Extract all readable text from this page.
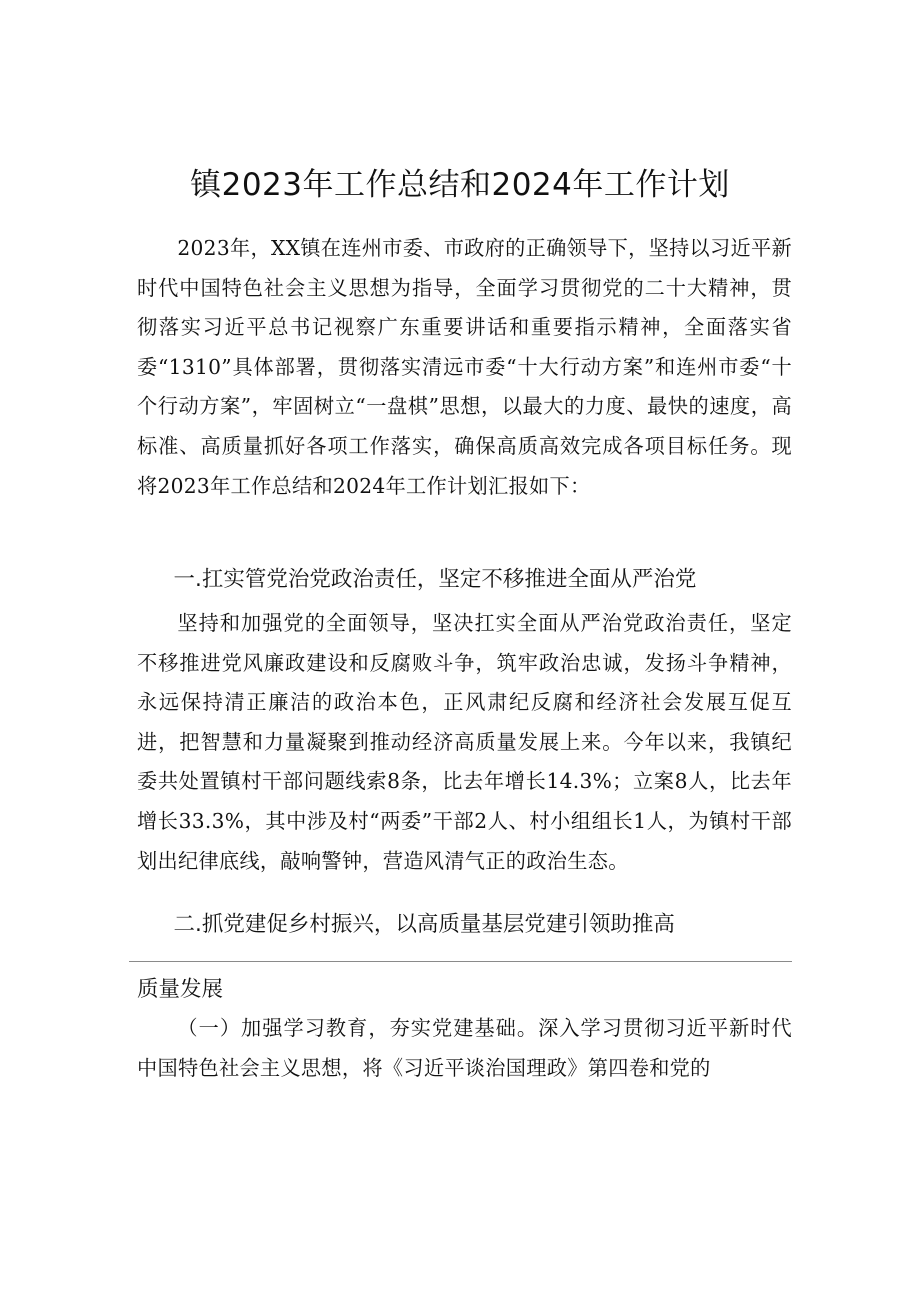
镇2023年工作总结和2024年工作计划

2023年，XX镇在连州市委、市政府的正确领导下，坚持以习近平新时代中国特色社会主义思想为指导，全面学习贯彻党的二十大精神，贯彻落实习近平总书记视察广东重要讲话和重要指示精神，全面落实省委“1310”具体部署，贯彻落实清远市委“十大行动方案”和连州市委“十个行动方案”，牢固树立“一盘棋”思想，以最大的力度、最快的速度，高标准、高质量抓好各项工作落实，确保高质高效完成各项目标任务。现将2023年工作总结和2024年工作计划汇报如下：

一.扛实管党治党政治责任，坚定不移推进全面从严治党

坚持和加强党的全面领导，坚决扛实全面从严治党政治责任，坚定不移推进党风廉政建设和反腐败斗争，筑牢政治忠诚，发扬斗争精神，永远保持清正廉洁的政治本色，正风肃纪反腐和经济社会发展互促互进，把智慧和力量凝聚到推动经济高质量发展上来。今年以来，我镇纪委共处置镇村干部问题线索8条，比去年增长14.3%；立案8人，比去年增长33.3%，其中涉及村“两委”干部2人、村小组组长1人，为镇村干部划出纪律底线，敲响警钟，营造风清气正的政治生态。

二.抓党建促乡村振兴，以高质量基层党建引领助推高
质量发展

（一）加强学习教育，夯实党建基础。深入学习贯彻习近平新时代中国特色社会主义思想，将《习近平谈治国理政》第四卷和党的
